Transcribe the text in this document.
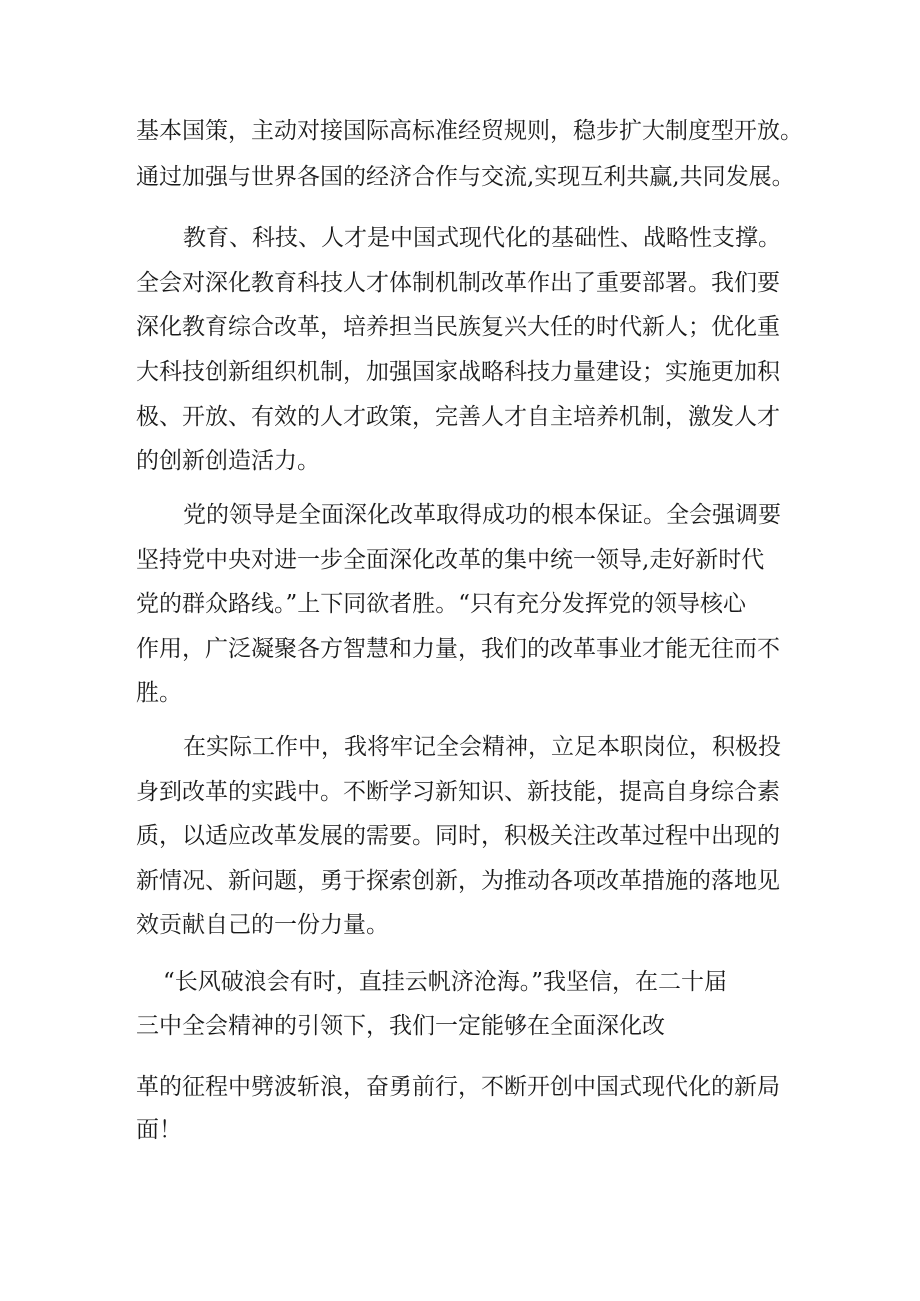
基本国策，主动对接国际高标准经贸规则，稳步扩大制度型开放。
通过加强与世界各国的经济合作与交流,实现互利共赢,共同发展。
教育、科技、人才是中国式现代化的基础性、战略性支撑。
全会对深化教育科技人才体制机制改革作出了重要部署。我们要
深化教育综合改革，培养担当民族复兴大任的时代新人；优化重
大科技创新组织机制，加强国家战略科技力量建设；实施更加积
极、开放、有效的人才政策，完善人才自主培养机制，激发人才
的创新创造活力。
党的领导是全面深化改革取得成功的根本保证。全会强调要
坚持党中央对进一步全面深化改革的集中统一领导,走好新时代
党的群众路线。”上下同欲者胜。“只有充分发挥党的领导核心
作用，广泛凝聚各方智慧和力量，我们的改革事业才能无往而不
胜。
在实际工作中，我将牢记全会精神，立足本职岗位，积极投
身到改革的实践中。不断学习新知识、新技能，提高自身综合素
质，以适应改革发展的需要。同时，积极关注改革过程中出现的
新情况、新问题，勇于探索创新，为推动各项改革措施的落地见
效贡献自己的一份力量。
“长风破浪会有时，直挂云帆济沧海。”我坚信，在二十届
三中全会精神的引领下，我们一定能够在全面深化改
革的征程中劈波斩浪，奋勇前行，不断开创中国式现代化的新局
面！
